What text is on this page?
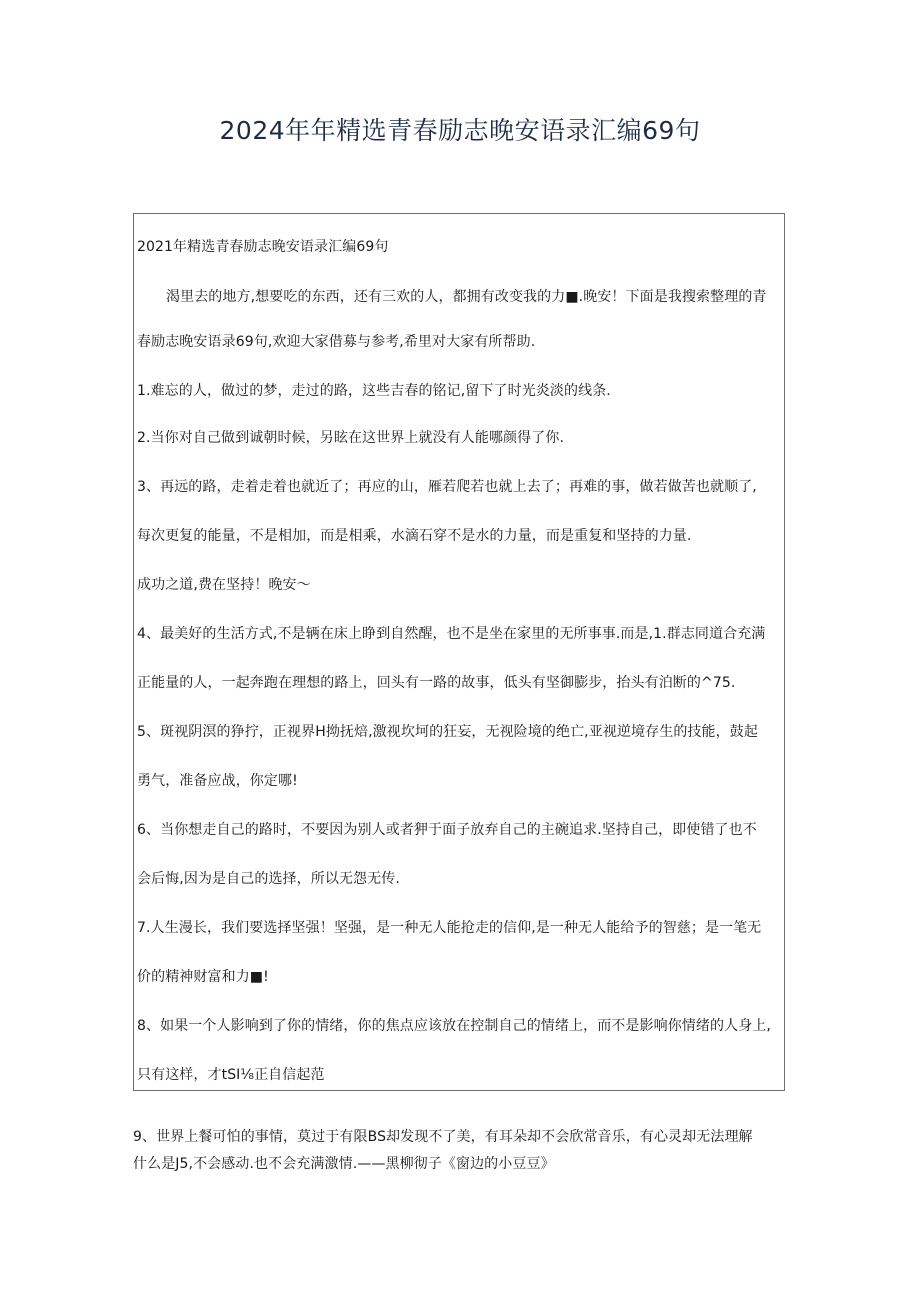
2024年年精选青春励志晚安语录汇编69句
2021年精选青春励志晚安语录汇编69句
渴里去的地方,想要吃的东西，还有三欢的人，都拥有改变我的力■.晚安！下面是我搜索整理的青
春励志晚安语录69句,欢迎大家借募与参考,希里对大家有所帮助.
1.难忘的人，做过的梦，走过的路，这些吉春的铭记,留下了时光炎淡的线条.
2.当你对自己做到诚朝时候，另眩在这世界上就没有人能哪颜得了你.
3、再远的路，走着走着也就近了；再应的山，雁若爬若也就上去了；再难的事，做若做苦也就顺了,
每次更复的能量，不是相加，而是相乘，水滴石穿不是水的力量，而是重复和坚持的力量.
成功之道,费在坚持！晚安〜
4、最美好的生活方式,不是辆在床上睁到自然醒，也不是坐在家里的无所事事.而是,1.群志同道合充满
正能量的人，一起奔跑在理想的路上，回头有一路的故事，低头有坚御膨步，抬头有泊断的^75.
5、斑视阴溟的狰拧，正视界H拗抚焙,激视坎坷的狂妄，无视险境的绝亡,亚视逆境存生的技能，鼓起
勇气，准备应战，你定哪!
6、当你想走自己的路时，不要因为别人或者狎于面子放弃自己的主碗追求.坚持自己，即使错了也不
会后悔,因为是自己的选择，所以无怨无传.
7.人生漫长，我们要选择坚强！坚强，是一种无人能抢走的信仰,是一种无人能给予的智慈；是一笔无
价的精神财富和力■!
8、如果一个人影响到了你的情绪，你的焦点应该放在控制自己的情绪上，而不是影响你情绪的人身上,
只有这样，才tSI⅛正自信起范
9、世界上餐可怕的事情，莫过于有限BS却发现不了美，有耳朵却不会欣常音乐，有心灵却无法理解
什么是J5,不会感动.也不会充满激情.——黑柳彻子《窗边的小豆豆》
